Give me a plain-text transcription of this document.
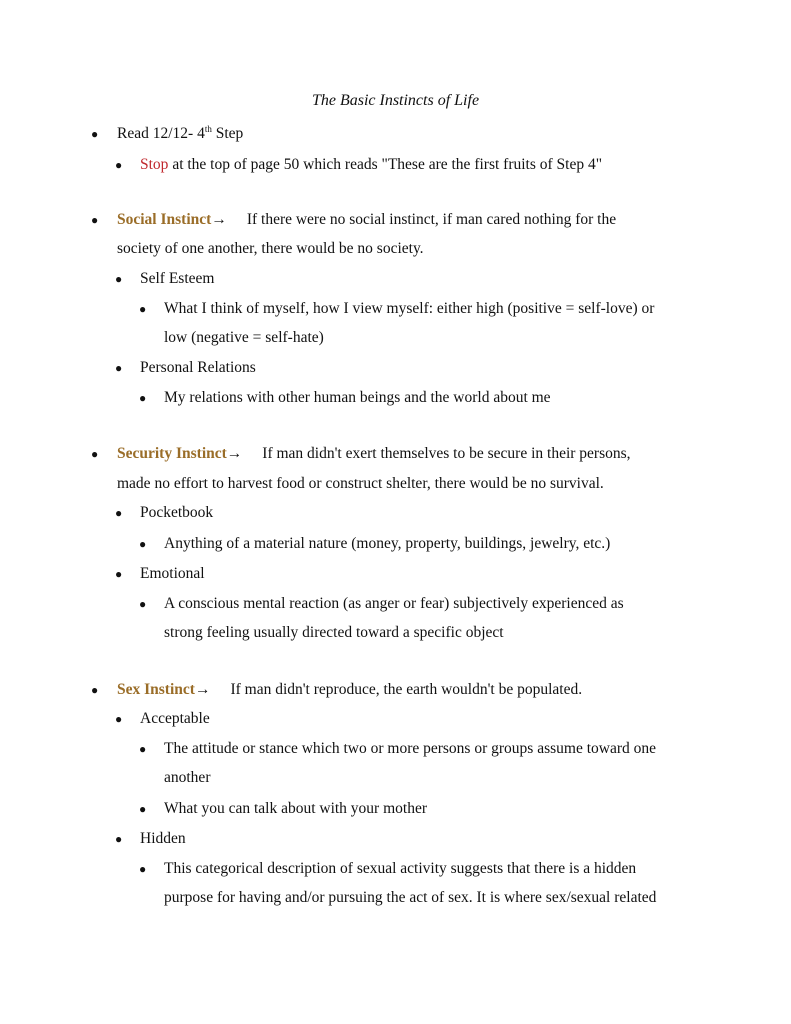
The Basic Instincts of Life
● Read 12/12- 4th Step
● Stop at the top of page 50 which reads "These are the first fruits of Step 4"
● Social Instinct→ If there were no social instinct, if man cared nothing for the
society of one another, there would be no society.
● Self Esteem
● What I think of myself, how I view myself: either high (positive = self-love) or
low (negative = self-hate)
● Personal Relations
● My relations with other human beings and the world about me
● Security Instinct→ If man didn't exert themselves to be secure in their persons,
made no effort to harvest food or construct shelter, there would be no survival.
● Pocketbook
● Anything of a material nature (money, property, buildings, jewelry, etc.)
● Emotional
● A conscious mental reaction (as anger or fear) subjectively experienced as
strong feeling usually directed toward a specific object
● Sex Instinct→ If man didn't reproduce, the earth wouldn't be populated.
● Acceptable
● The attitude or stance which two or more persons or groups assume toward one
another
● What you can talk about with your mother
● Hidden
● This categorical description of sexual activity suggests that there is a hidden
purpose for having and/or pursuing the act of sex. It is where sex/sexual related
